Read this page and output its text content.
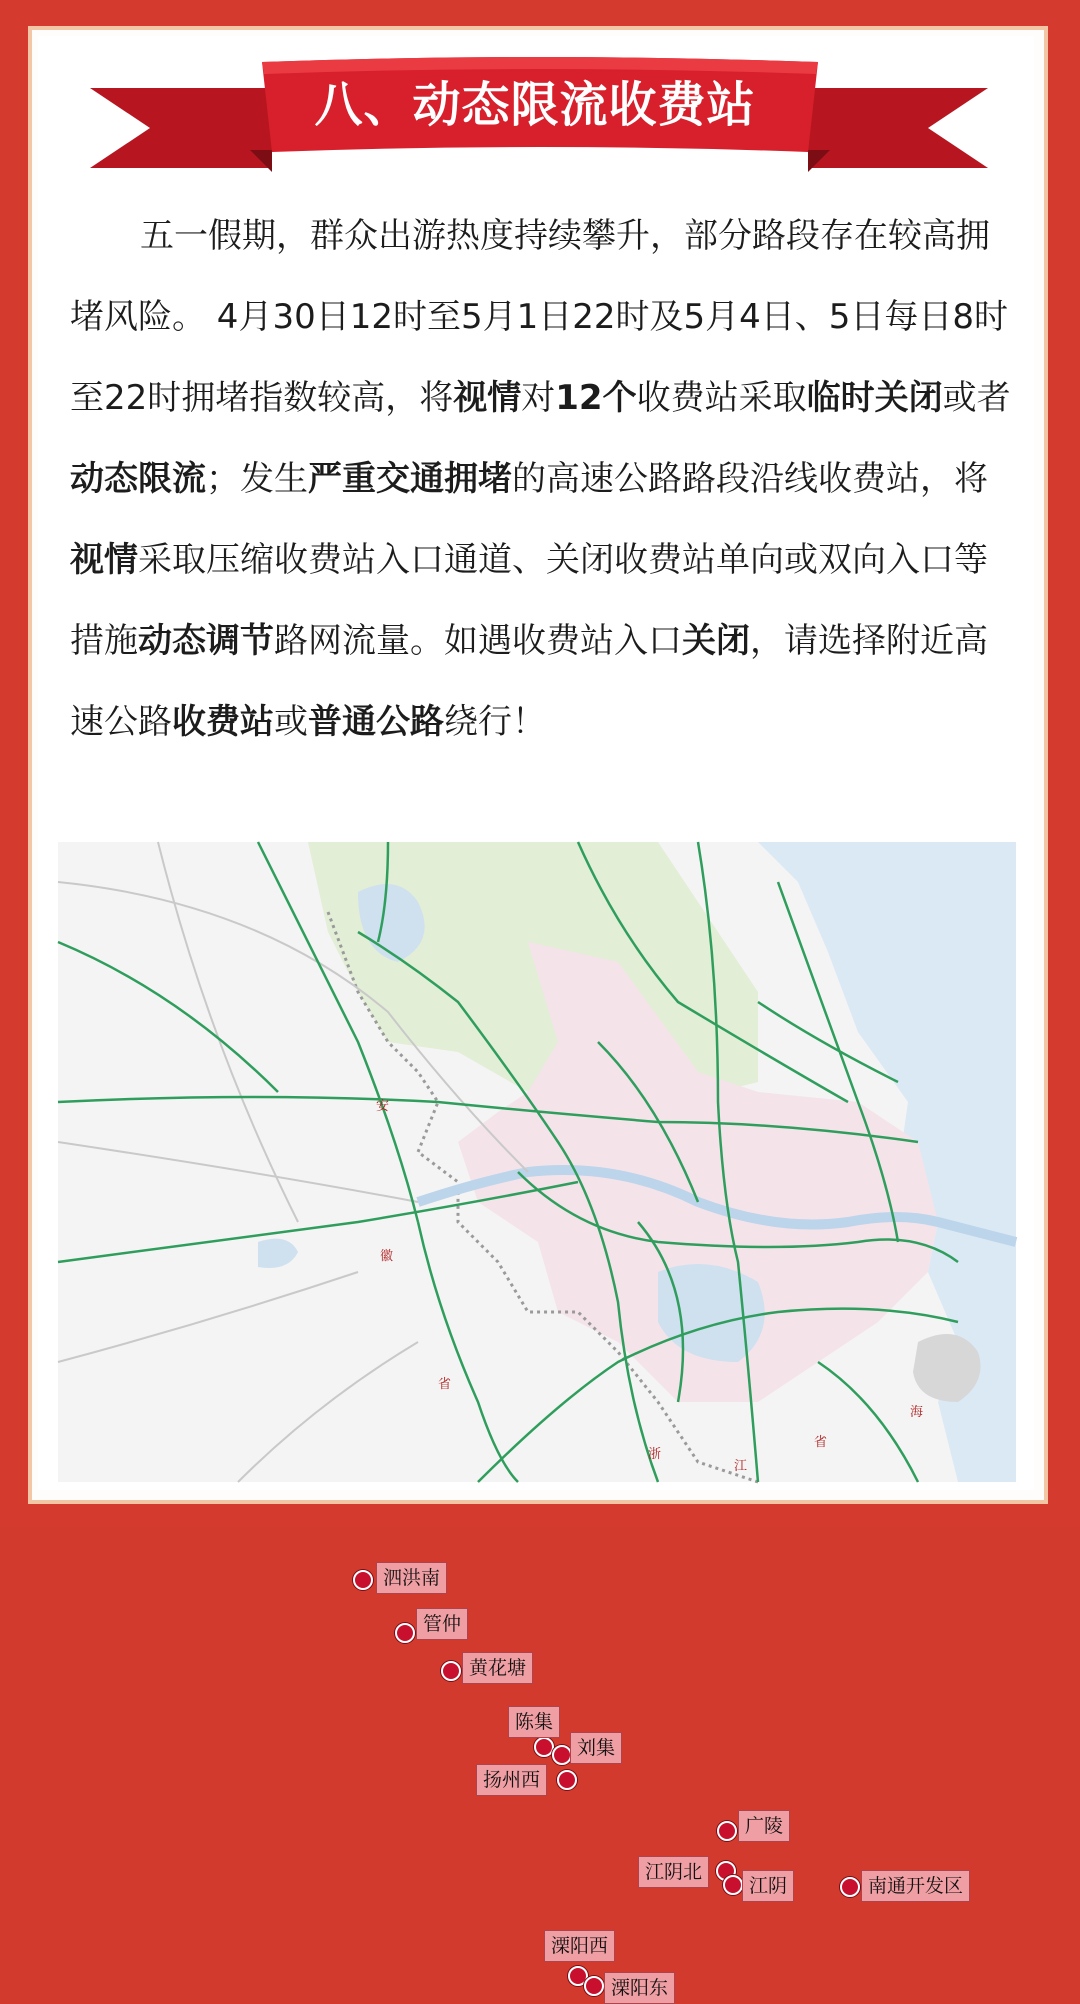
八、动态限流收费站
五一假期，群众出游热度持续攀升，部分路段存在较高拥堵风险。 4月30日12时至5月1日22时及5月4日、5日每日8时至22时拥堵指数较高，将视情对12个收费站采取临时关闭或者动态限流；发生严重交通拥堵的高速公路路段沿线收费站，将视情采取压缩收费站入口通道、关闭收费站单向或双向入口等措施动态调节路网流量。如遇收费站入口关闭，请选择附近高速公路收费站或普通公路绕行！
安
徽
省
浙
江
省
海
泗洪南
管仲
黄花塘
陈集
刘集
扬州西
广陵
江阴北
江阴	南通开发区
溧阳西
溧阳东
